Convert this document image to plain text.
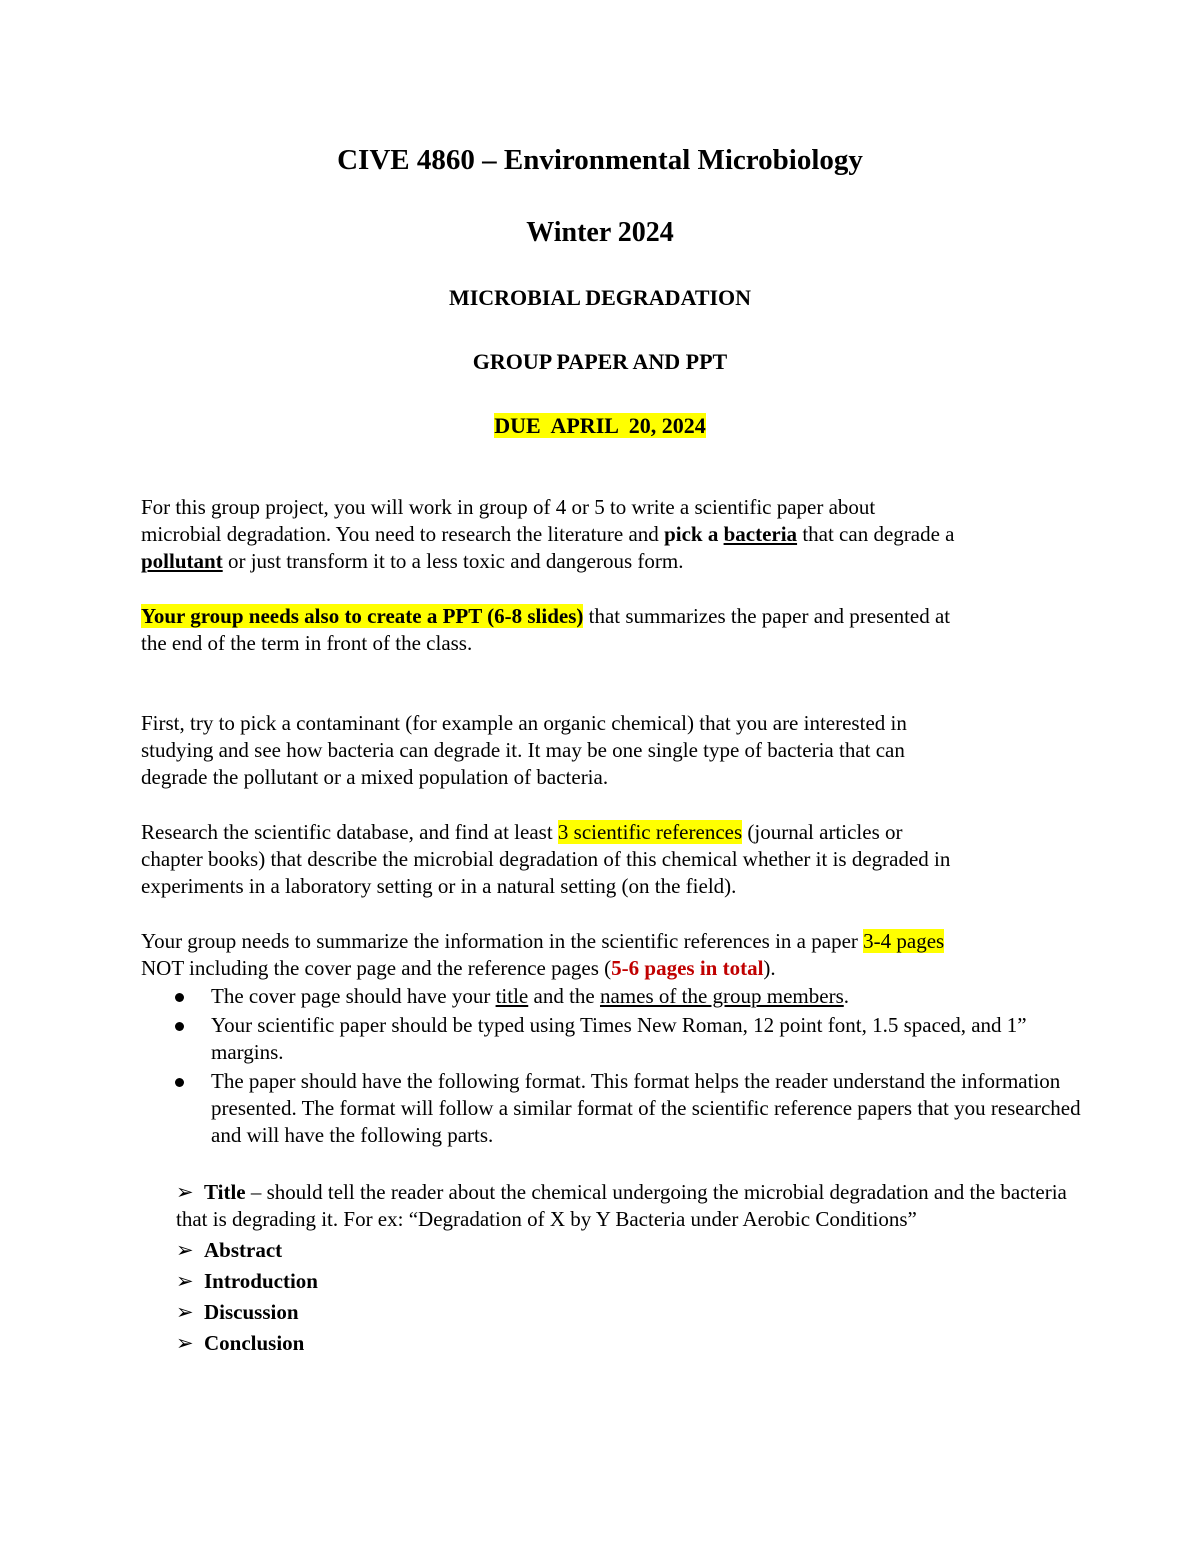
CIVE 4860 – Environmental Microbiology
Winter 2024
MICROBIAL DEGRADATION
GROUP PAPER AND PPT
DUE  APRIL  20, 2024
For this group project, you will work in group of 4 or 5 to write a scientific paper about
microbial degradation. You need to research the literature and pick a bacteria that can degrade a
pollutant or just transform it to a less toxic and dangerous form.
Your group needs also to create a PPT (6-8 slides) that summarizes the paper and presented at
the end of the term in front of the class.
First, try to pick a contaminant (for example an organic chemical) that you are interested in
studying and see how bacteria can degrade it. It may be one single type of bacteria that can
degrade the pollutant or a mixed population of bacteria.
Research the scientific database, and find at least 3 scientific references (journal articles or
chapter books) that describe the microbial degradation of this chemical whether it is degraded in
experiments in a laboratory setting or in a natural setting (on the field).
Your group needs to summarize the information in the scientific references in a paper 3-4 pages
NOT including the cover page and the reference pages (5-6 pages in total).
The cover page should have your title and the names of the group members.
Your scientific paper should be typed using Times New Roman, 12 point font, 1.5 spaced, and 1” margins.
The paper should have the following format. This format helps the reader understand the information presented. The format will follow a similar format of the scientific reference papers that you researched and will have the following parts.
➢ Title – should tell the reader about the chemical undergoing the microbial degradation and the bacteria that is degrading it. For ex: “Degradation of X by Y Bacteria under Aerobic Conditions”
➢ Abstract
➢ Introduction
➢ Discussion
➢ Conclusion
